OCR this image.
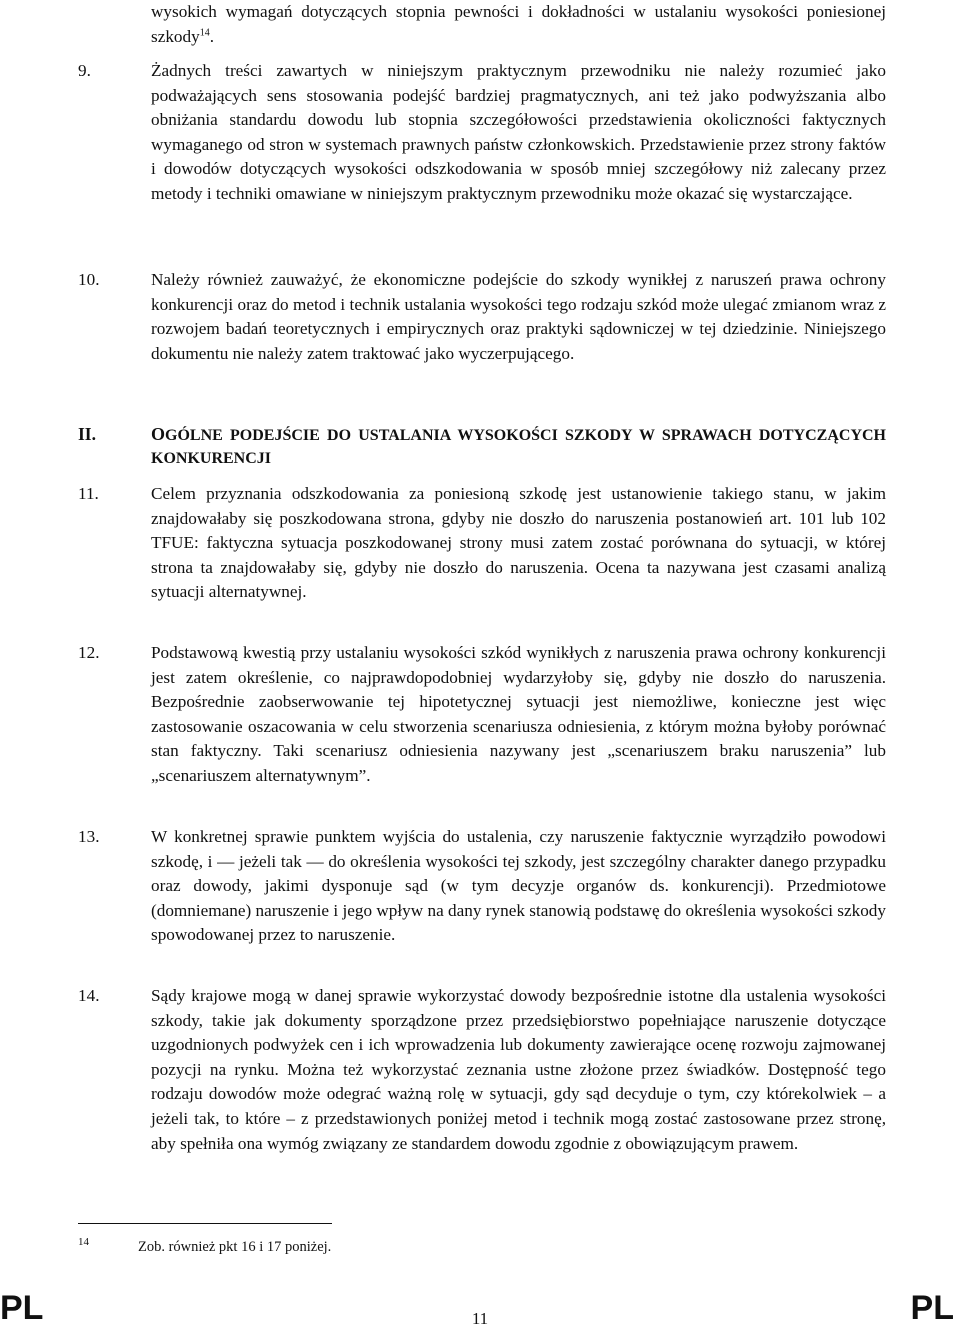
wysokich wymagań dotyczących stopnia pewności i dokładności w ustalaniu wysokości poniesionej szkody$^{14}$.
9.	Żadnych treści zawartych w niniejszym praktycznym przewodniku nie należy rozumieć jako podważających sens stosowania podejść bardziej pragmatycznych, ani też jako podwyższania albo obniżania standardu dowodu lub stopnia szczegółowości przedstawienia okoliczności faktycznych wymaganego od stron w systemach prawnych państw członkowskich. Przedstawienie przez strony faktów i dowodów dotyczących wysokości odszkodowania w sposób mniej szczegółowy niż zalecany przez metody i techniki omawiane w niniejszym praktycznym przewodniku może okazać się wystarczające.
10.	Należy również zauważyć, że ekonomiczne podejście do szkody wynikłej z naruszeń prawa ochrony konkurencji oraz do metod i technik ustalania wysokości tego rodzaju szkód może ulegać zmianom wraz z rozwojem badań teoretycznych i empirycznych oraz praktyki sądowniczej w tej dziedzinie. Niniejszego dokumentu nie należy zatem traktować jako wyczerpującego.
II.	OGÓLNE PODEJŚCIE DO USTALANIA WYSOKOŚCI SZKODY W SPRAWACH DOTYCZĄCYCH KONKURENCJI
11.	Celem przyznania odszkodowania za poniesioną szkodę jest ustanowienie takiego stanu, w jakim znajdowałaby się poszkodowana strona, gdyby nie doszło do naruszenia postanowień art. 101 lub 102 TFUE: faktyczna sytuacja poszkodowanej strony musi zatem zostać porównana do sytuacji, w której strona ta znajdowałaby się, gdyby nie doszło do naruszenia. Ocena ta nazywana jest czasami analizą sytuacji alternatywnej.
12.	Podstawową kwestią przy ustalaniu wysokości szkód wynikłych z naruszenia prawa ochrony konkurencji jest zatem określenie, co najprawdopodobniej wydarzyłoby się, gdyby nie doszło do naruszenia. Bezpośrednie zaobserwowanie tej hipotetycznej sytuacji jest niemożliwe, konieczne jest więc zastosowanie oszacowania w celu stworzenia scenariusza odniesienia, z którym można byłoby porównać stan faktyczny. Taki scenariusz odniesienia nazywany jest „scenariuszem braku naruszenia” lub „scenariuszem alternatywnym”.
13.	W konkretnej sprawie punktem wyjścia do ustalenia, czy naruszenie faktycznie wyrządziło powodowi szkodę, i — jeżeli tak — do określenia wysokości tej szkody, jest szczególny charakter danego przypadku oraz dowody, jakimi dysponuje sąd (w tym decyzje organów ds. konkurencji). Przedmiotowe (domniemane) naruszenie i jego wpływ na dany rynek stanowią podstawę do określenia wysokości szkody spowodowanej przez to naruszenie.
14.	Sądy krajowe mogą w danej sprawie wykorzystać dowody bezpośrednie istotne dla ustalenia wysokości szkody, takie jak dokumenty sporządzone przez przedsiębiorstwo popełniające naruszenie dotyczące uzgodnionych podwyżek cen i ich wprowadzenia lub dokumenty zawierające ocenę rozwoju zajmowanej pozycji na rynku. Można też wykorzystać zeznania ustne złożone przez świadków. Dostępność tego rodzaju dowodów może odegrać ważną rolę w sytuacji, gdy sąd decyduje o tym, czy którekolwiek – a jeżeli tak, to które – z przedstawionych poniżej metod i technik mogą zostać zastosowane przez stronę, aby spełniła ona wymóg związany ze standardem dowodu zgodnie z obowiązującym prawem.
14	Zob. również pkt 16 i 17 poniżej.
PL	11	PL
